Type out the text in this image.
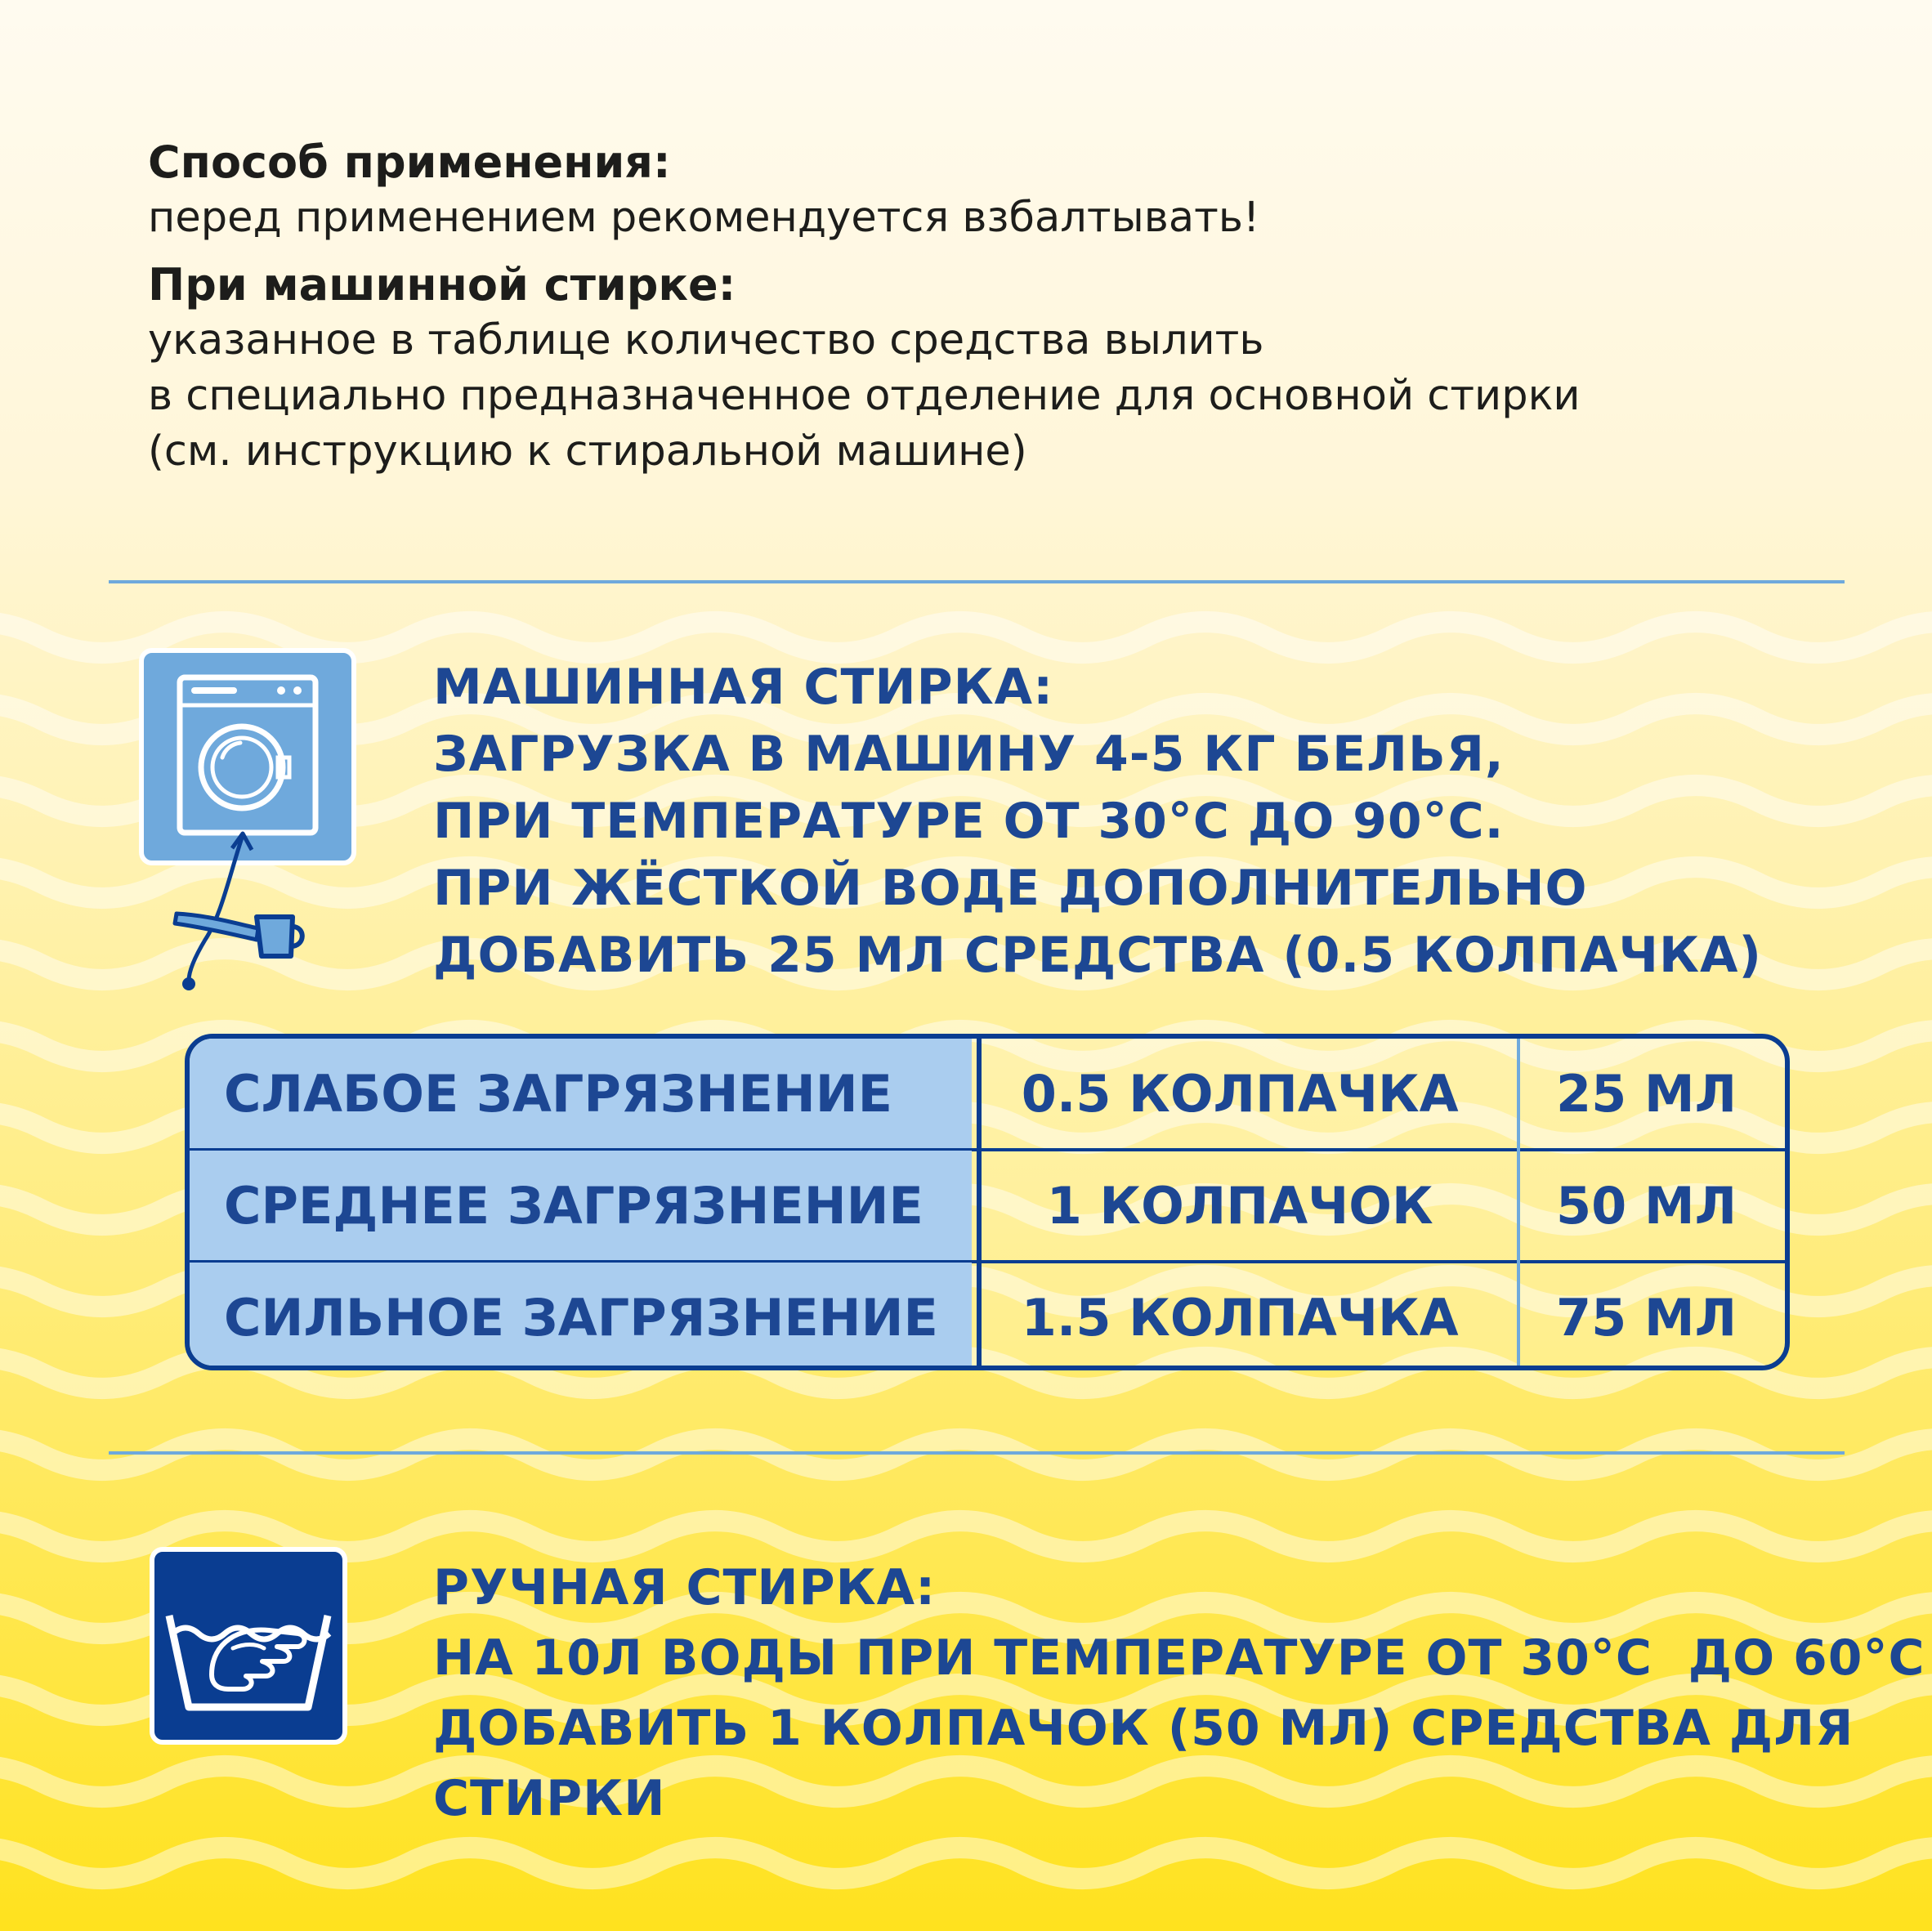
Способ применения:
перед применением рекомендуется взбалтывать!
При машинной стирке:
указанное в таблице количество средства вылить
в специально предназначенное отделение для основной стирки
(см. инструкцию к стиральной машине)
МАШИННАЯ СТИРКА:
ЗАГРУЗКА В МАШИНУ 4-5 КГ БЕЛЬЯ,
ПРИ ТЕМПЕРАТУРЕ ОТ 30°С ДО 90°С.
ПРИ ЖЁСТКОЙ ВОДЕ ДОПОЛНИТЕЛЬНО
ДОБАВИТЬ 25 МЛ СРЕДСТВА (0.5 КОЛПАЧКА)
СЛАБОЕ ЗАГРЯЗНЕНИЕ	0.5 КОЛПАЧКА	25 МЛ
СРЕДНЕЕ ЗАГРЯЗНЕНИЕ	1 КОЛПАЧОК	50 МЛ
СИЛЬНОЕ ЗАГРЯЗНЕНИЕ	1.5 КОЛПАЧКА	75 МЛ
РУЧНАЯ СТИРКА:
НА 10Л ВОДЫ ПРИ ТЕМПЕРАТУРЕ ОТ 30°С  ДО 60°С
ДОБАВИТЬ 1 КОЛПАЧОК (50 МЛ) СРЕДСТВА ДЛЯ
СТИРКИ
